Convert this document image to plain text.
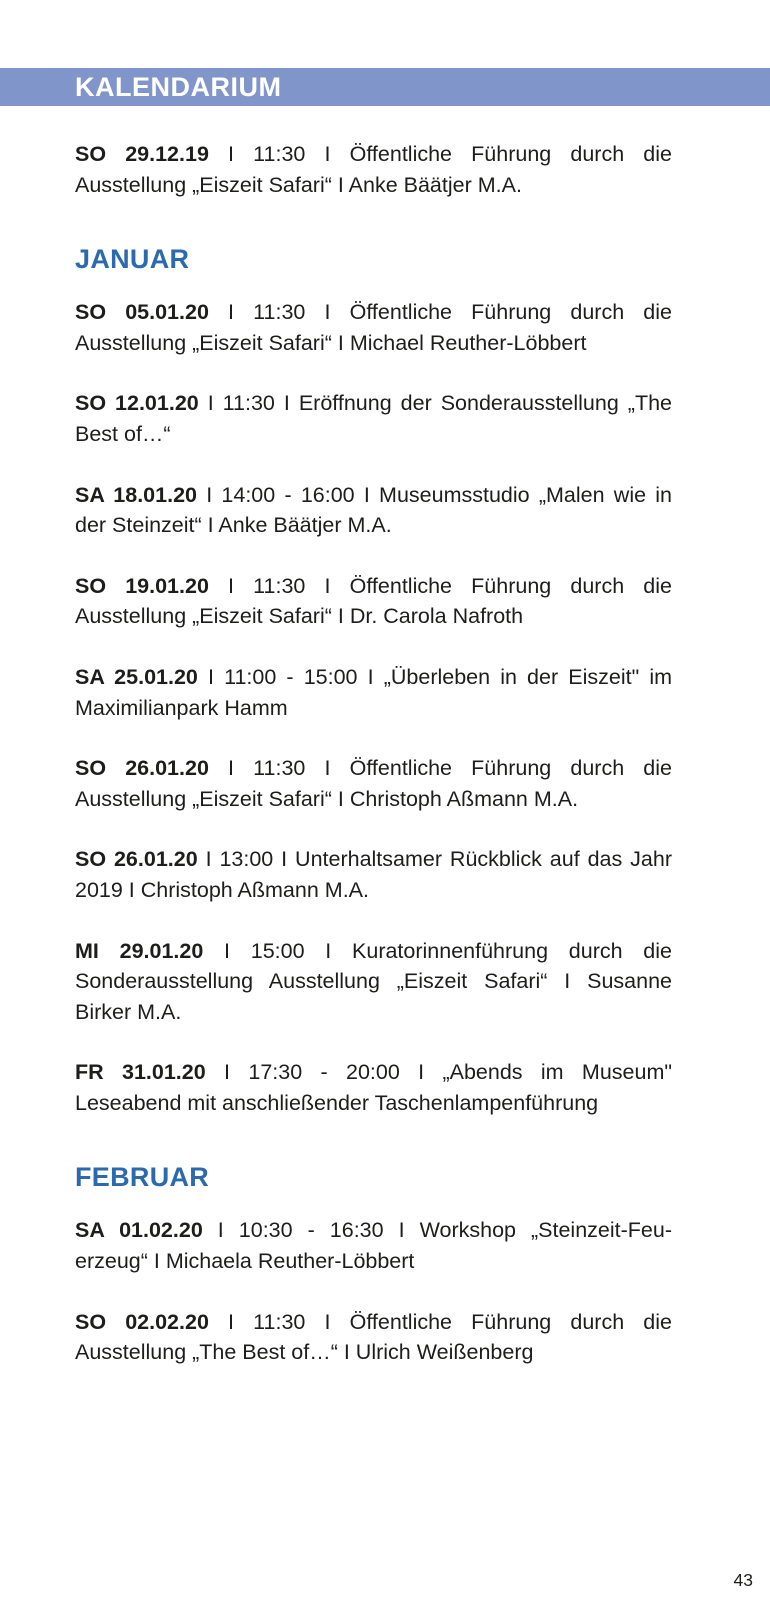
KALENDARIUM

SO 29.12.19 I 11:30 I Öffentliche Führung durch die Ausstellung „Eiszeit Safari“ I Anke Bäätjer M.A.

JANUAR

SO 05.01.20 I 11:30 I Öffentliche Führung durch die Ausstellung „Eiszeit Safari“ I Michael Reuther-Löbbert

SO 12.01.20 I 11:30 I Eröffnung der Sonderausstellung „The Best of…“

SA 18.01.20 I 14:00 - 16:00 I Museumsstudio „Malen wie in der Steinzeit“ I Anke Bäätjer M.A.

SO 19.01.20 I 11:30 I Öffentliche Führung durch die Ausstellung „Eiszeit Safari“ I Dr. Carola Nafroth

SA 25.01.20 I 11:00 - 15:00 I „Überleben in der Eiszeit" im Maximilianpark Hamm

SO 26.01.20 I 11:30 I Öffentliche Führung durch die Ausstellung „Eiszeit Safari“ I Christoph Aßmann M.A.

SO 26.01.20 I 13:00 I Unterhaltsamer Rückblick auf das Jahr 2019 I Christoph Aßmann M.A.

MI 29.01.20 I 15:00 I Kuratorinnenführung durch die Sonderausstellung Ausstellung „Eiszeit Safari“ I Susanne Birker M.A.

FR 31.01.20 I 17:30 - 20:00 I „Abends im Museum" Leseabend mit anschließender Taschenlampenführung

FEBRUAR

SA 01.02.20 I 10:30 - 16:30 I Workshop „Steinzeit-Feu-erzeug“ I Michaela Reuther-Löbbert

SO 02.02.20 I 11:30 I Öffentliche Führung durch die Ausstellung „The Best of…“ I Ulrich Weißenberg

43
